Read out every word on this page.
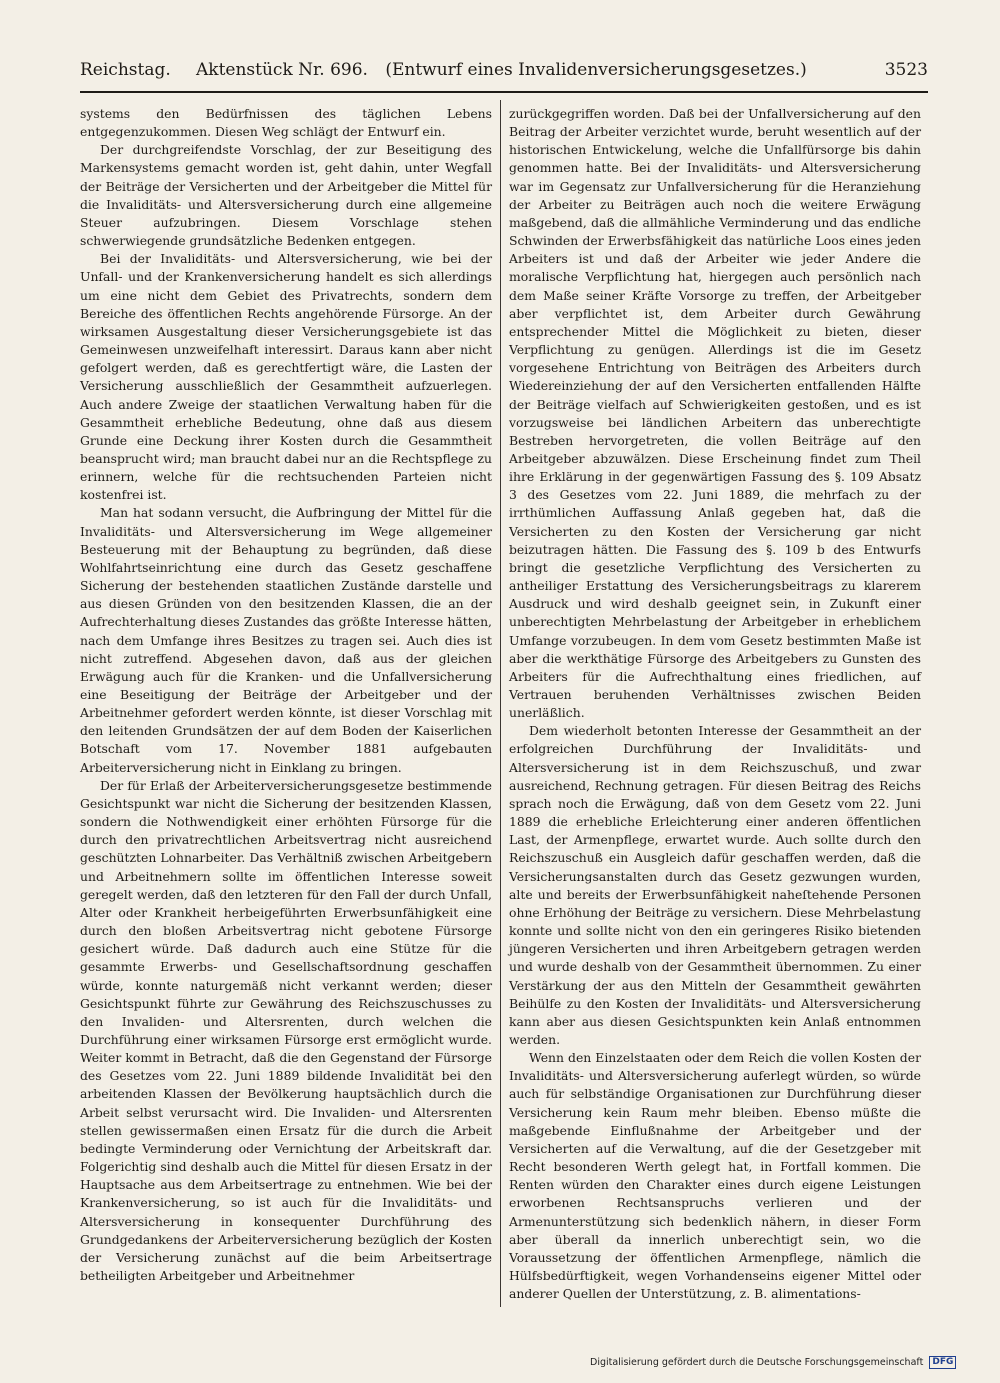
Reichstag. Aktenstück Nr. 696. (Entwurf eines Invalidenversicherungsgesetzes.)	3523

systems den Bedürfnissen des täglichen Lebens entgegenzukommen. Diesen Weg schlägt der Entwurf ein.

Der durchgreifendste Vorschlag, der zur Beseitigung des Markensystems gemacht worden ist, geht dahin, unter Wegfall der Beiträge der Versicherten und der Arbeitgeber die Mittel für die Invaliditäts- und Altersversicherung durch eine allgemeine Steuer aufzubringen. Diesem Vorschlage stehen schwerwiegende grundsätzliche Bedenken entgegen.

Bei der Invaliditäts- und Altersversicherung, wie bei der Unfall- und der Krankenversicherung handelt es sich allerdings um eine nicht dem Gebiet des Privatrechts, sondern dem Bereiche des öffentlichen Rechts angehörende Fürsorge. An der wirksamen Ausgestaltung dieser Versicherungsgebiete ist das Gemeinwesen unzweifelhaft interessirt. Daraus kann aber nicht gefolgert werden, daß es gerechtfertigt wäre, die Lasten der Versicherung ausschließlich der Gesammtheit aufzuerlegen. Auch andere Zweige der staatlichen Verwaltung haben für die Gesammtheit erhebliche Bedeutung, ohne daß aus diesem Grunde eine Deckung ihrer Kosten durch die Gesammtheit beansprucht wird; man braucht dabei nur an die Rechtspflege zu erinnern, welche für die rechtsuchenden Parteien nicht kostenfrei ist.

Man hat sodann versucht, die Aufbringung der Mittel für die Invaliditäts- und Altersversicherung im Wege allgemeiner Besteuerung mit der Behauptung zu begründen, daß diese Wohlfahrtseinrichtung eine durch das Gesetz geschaffene Sicherung der bestehenden staatlichen Zustände darstelle und aus diesen Gründen von den besitzenden Klassen, die an der Aufrechterhaltung dieses Zustandes das größte Interesse hätten, nach dem Umfange ihres Besitzes zu tragen sei. Auch dies ist nicht zutreffend. Abgesehen davon, daß aus der gleichen Erwägung auch für die Kranken- und die Unfallversicherung eine Beseitigung der Beiträge der Arbeitgeber und der Arbeitnehmer gefordert werden könnte, ist dieser Vorschlag mit den leitenden Grundsätzen der auf dem Boden der Kaiserlichen Botschaft vom 17. November 1881 aufgebauten Arbeiterversicherung nicht in Einklang zu bringen.

Der für Erlaß der Arbeiterversicherungsgesetze bestimmende Gesichtspunkt war nicht die Sicherung der besitzenden Klassen, sondern die Nothwendigkeit einer erhöhten Fürsorge für die durch den privatrechtlichen Arbeitsvertrag nicht ausreichend geschützten Lohnarbeiter. Das Verhältniß zwischen Arbeitgebern und Arbeitnehmern sollte im öffentlichen Interesse soweit geregelt werden, daß den letzteren für den Fall der durch Unfall, Alter oder Krankheit herbeigeführten Erwerbsunfähigkeit eine durch den bloßen Arbeitsvertrag nicht gebotene Fürsorge gesichert würde. Daß dadurch auch eine Stütze für die gesammte Erwerbs- und Gesellschaftsordnung geschaffen würde, konnte naturgemäß nicht verkannt werden; dieser Gesichtspunkt führte zur Gewährung des Reichszuschusses zu den Invaliden- und Altersrenten, durch welchen die Durchführung einer wirksamen Fürsorge erst ermöglicht wurde. Weiter kommt in Betracht, daß die den Gegenstand der Fürsorge des Gesetzes vom 22. Juni 1889 bildende Invalidität bei den arbeitenden Klassen der Bevölkerung hauptsächlich durch die Arbeit selbst verursacht wird. Die Invaliden- und Altersrenten stellen gewissermaßen einen Ersatz für die durch die Arbeit bedingte Verminderung oder Vernichtung der Arbeitskraft dar. Folgerichtig sind deshalb auch die Mittel für diesen Ersatz in der Hauptsache aus dem Arbeitsertrage zu entnehmen. Wie bei der Krankenversicherung, so ist auch für die Invaliditäts- und Altersversicherung in konsequenter Durchführung des Grundgedankens der Arbeiterversicherung bezüglich der Kosten der Versicherung zunächst auf die beim Arbeitsertrage betheiligten Arbeitgeber und Arbeitnehmer

zurückgegriffen worden. Daß bei der Unfallversicherung auf den Beitrag der Arbeiter verzichtet wurde, beruht wesentlich auf der historischen Entwickelung, welche die Unfallfürsorge bis dahin genommen hatte. Bei der Invaliditäts- und Altersversicherung war im Gegensatz zur Unfallversicherung für die Heranziehung der Arbeiter zu Beiträgen auch noch die weitere Erwägung maßgebend, daß die allmähliche Verminderung und das endliche Schwinden der Erwerbsfähigkeit das natürliche Loos eines jeden Arbeiters ist und daß der Arbeiter wie jeder Andere die moralische Verpflichtung hat, hiergegen auch persönlich nach dem Maße seiner Kräfte Vorsorge zu treffen, der Arbeitgeber aber verpflichtet ist, dem Arbeiter durch Gewährung entsprechender Mittel die Möglichkeit zu bieten, dieser Verpflichtung zu genügen. Allerdings ist die im Gesetz vorgesehene Entrichtung von Beiträgen des Arbeiters durch Wiedereinziehung der auf den Versicherten entfallenden Hälfte der Beiträge vielfach auf Schwierigkeiten gestoßen, und es ist vorzugsweise bei ländlichen Arbeitern das unberechtigte Bestreben hervorgetreten, die vollen Beiträge auf den Arbeitgeber abzuwälzen. Diese Erscheinung findet zum Theil ihre Erklärung in der gegenwärtigen Fassung des §. 109 Absatz 3 des Gesetzes vom 22. Juni 1889, die mehrfach zu der irrthümlichen Auffassung Anlaß gegeben hat, daß die Versicherten zu den Kosten der Versicherung gar nicht beizutragen hätten. Die Fassung des §. 109 b des Entwurfs bringt die gesetzliche Verpflichtung des Versicherten zu antheiliger Erstattung des Versicherungsbeitrags zu klarerem Ausdruck und wird deshalb geeignet sein, in Zukunft einer unberechtigten Mehrbelastung der Arbeitgeber in erheblichem Umfange vorzubeugen. In dem vom Gesetz bestimmten Maße ist aber die werkthätige Fürsorge des Arbeitgebers zu Gunsten des Arbeiters für die Aufrechthaltung eines friedlichen, auf Vertrauen beruhenden Verhältnisses zwischen Beiden unerläßlich.

Dem wiederholt betonten Interesse der Gesammtheit an der erfolgreichen Durchführung der Invaliditäts- und Altersversicherung ist in dem Reichszuschuß, und zwar ausreichend, Rechnung getragen. Für diesen Beitrag des Reichs sprach noch die Erwägung, daß von dem Gesetz vom 22. Juni 1889 die erhebliche Erleichterung einer anderen öffentlichen Last, der Armenpflege, erwartet wurde. Auch sollte durch den Reichszuschuß ein Ausgleich dafür geschaffen werden, daß die Versicherungsanstalten durch das Gesetz gezwungen wurden, alte und bereits der Erwerbsunfähigkeit naheſtehende Personen ohne Erhöhung der Beiträge zu versichern. Diese Mehrbelastung konnte und sollte nicht von den ein geringeres Risiko bietenden jüngeren Versicherten und ihren Arbeitgebern getragen werden und wurde deshalb von der Gesammtheit übernommen. Zu einer Verstärkung der aus den Mitteln der Gesammtheit gewährten Beihülfe zu den Kosten der Invaliditäts- und Altersversicherung kann aber aus diesen Gesichtspunkten kein Anlaß entnommen werden.

Wenn den Einzelstaaten oder dem Reich die vollen Kosten der Invaliditäts- und Altersversicherung auferlegt würden, so würde auch für selbständige Organisationen zur Durchführung dieser Versicherung kein Raum mehr bleiben. Ebenso müßte die maßgebende Einflußnahme der Arbeitgeber und der Versicherten auf die Verwaltung, auf die der Gesetzgeber mit Recht besonderen Werth gelegt hat, in Fortfall kommen. Die Renten würden den Charakter eines durch eigene Leistungen erworbenen Rechtsanspruchs verlieren und der Armenunterstützung sich bedenklich nähern, in dieser Form aber überall da innerlich unberechtigt sein, wo die Voraussetzung der öffentlichen Armenpflege, nämlich die Hülfsbedürftigkeit, wegen Vorhandenseins eigener Mittel oder anderer Quellen der Unterstützung, z. B. alimentations-

Digitalisierung gefördert durch die Deutsche Forschungsgemeinschaft DFG
